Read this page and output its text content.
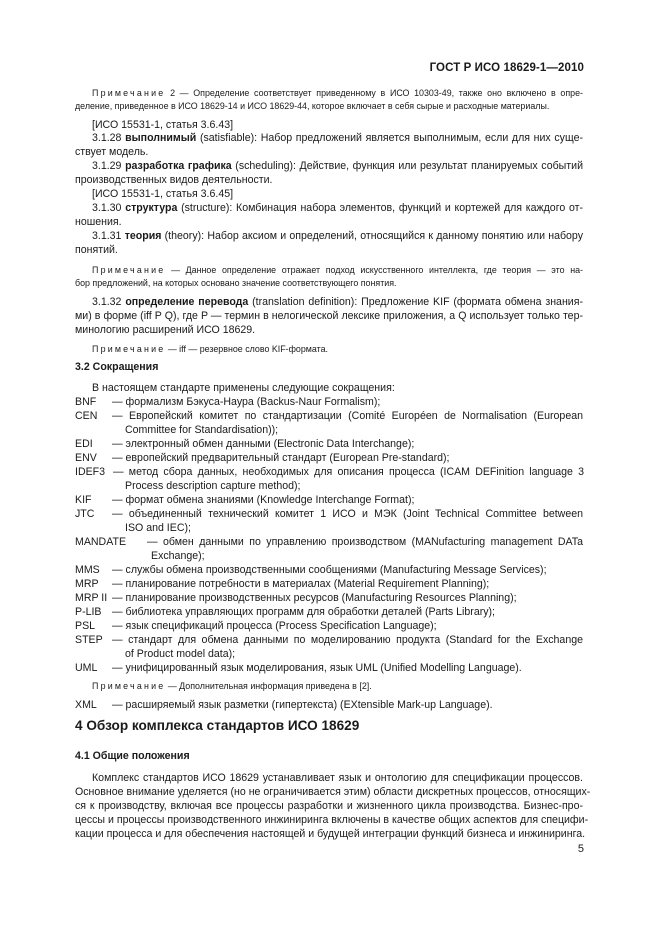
ГОСТ Р ИСО 18629-1—2010
Примечание 2 — Определение соответствует приведенному в ИСО 10303-49, также оно включено в опре-
деление, приведенное в ИСО 18629-14 и ИСО 18629-44, которое включает в себя сырые и расходные материалы.
[ИСО 15531-1, статья 3.6.43]
3.1.28 выполнимый (satisfiable): Набор предложений является выполнимым, если для них суще-
ствует модель.
3.1.29 разработка графика (scheduling): Действие, функция или результат планируемых событий
производственных видов деятельности.
[ИСО 15531-1, статья 3.6.45]
3.1.30 структура (structure): Комбинация набора элементов, функций и кортежей для каждого от-
ношения.
3.1.31 теория (theory): Набор аксиом и определений, относящийся к данному понятию или набору
понятий.
Примечание — Данное определение отражает подход искусственного интеллекта, где теория — это на-
бор предложений, на которых основано значение соответствующего понятия.
3.1.32 определение перевода (translation definition): Предложение KIF (формата обмена знания-
ми) в форме (iff P Q), где P — термин в нелогической лексике приложения, а Q использует только тер-
минологию расширений ИСО 18629.
Примечание — iff — резервное слово KIF-формата.
В настоящем стандарте применены следующие сокращения:
3.2 Сокращения
BNF — формализм Бэкуса-Наура (Backus-Naur Formalism);
CEN — Европейский комитет по стандартизации (Comité Européen de Normalisation (European
Committee for Standardisation));
EDI — электронный обмен данными (Electronic Data Interchange);
ENV — европейский предварительный стандарт (European Pre-standard);
IDEF3 — метод сбора данных, необходимых для описания процесса (ICAM DEFinition language 3
Process description capture method);
KIF — формат обмена знаниями (Knowledge Interchange Format);
JTC — объединенный технический комитет 1 ИСО и МЭК (Joint Technical Committee between
ISO and IEC);
MANDATE — обмен данными по управлению производством (MANufacturing management DATa
Exchange);
MMS — службы обмена производственными сообщениями (Manufacturing Message Services);
MRP — планирование потребности в материалах (Material Requirement Planning);
MRP II — планирование производственных ресурсов (Manufacturing Resources Planning);
P-LIB — библиотека управляющих программ для обработки деталей (Parts Library);
PSL — язык спецификаций процесса (Process Specification Language);
STEP — стандарт для обмена данными по моделированию продукта (Standard for the Exchange
of Product model data);
UML — унифицированный язык моделирования, язык UML (Unified Modelling Language).
Примечание — Дополнительная информация приведена в [2].
XML — расширяемый язык разметки (гипертекста) (EXtensible Mark-up Language).
4.1 Общие положения
4 Обзор комплекса стандартов ИСО 18629
Комплекс стандартов ИСО 18629 устанавливает язык и онтологию для спецификации процессов.
Основное внимание уделяется (но не ограничивается этим) области дискретных процессов, относящих-
ся к производству, включая все процессы разработки и жизненного цикла производства. Бизнес-про-
цессы и процессы производственного инжиниринга включены в качестве общих аспектов для специфи-
кации процесса и для обеспечения настоящей и будущей интеграции функций бизнеса и инжиниринга.
5
